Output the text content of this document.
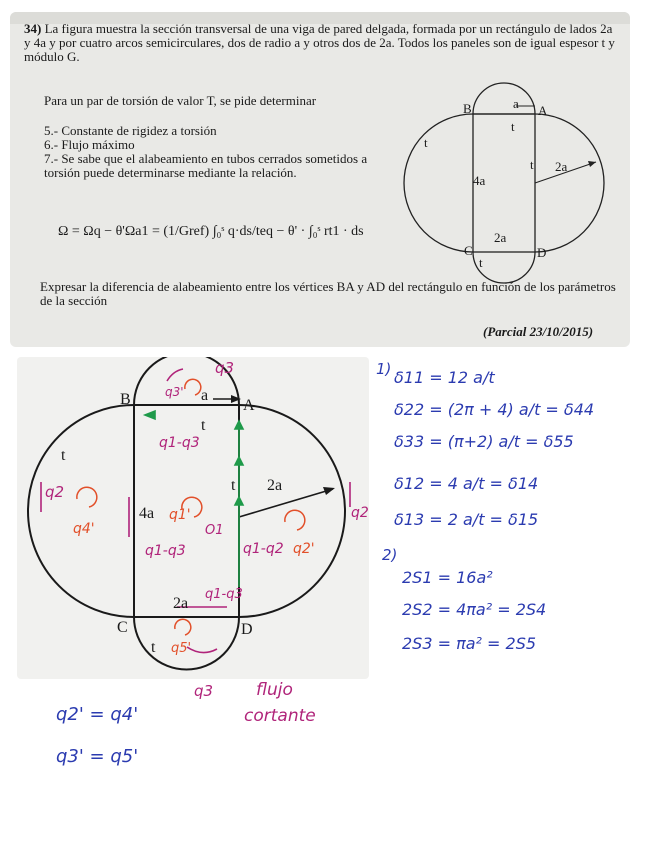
34) La figura muestra la sección transversal de una viga de pared delgada, formada por un rectángulo de lados 2a y 4a y por cuatro arcos semicirculares, dos de radio a y otros dos de 2a. Todos los paneles son de igual espesor t y módulo G.
Para un par de torsión de valor T, se pide determinar
5.- Constante de rigidez a torsión
6.- Flujo máximo
7.- Se sabe que el alabeamiento en tubos cerrados sometidos a torsión puede determinarse mediante la relación.
Ω = Ωq − θ'Ωa1 = (1/Gref) ∫₀ˢ q·ds/teq − θ' · ∫₀ˢ rt1 · ds
Expresar la diferencia de alabeamiento entre los vértices BA y AD del rectángulo en función de los parámetros de la sección
(Parcial 23/10/2015)
B	A
C	D
a
t
t
t
t
2a
4a
2a
B	A
C	D
a
t
t
t
t
2a
4a
2a
q3
q3'
q1-q3
q2
q4'
q1'
O1
q1-q3	q1-q2 q2'
q2
q1-q3
q5'
q3	flujo
cortante
1) δ11 = 12 a/t
δ22 = (2π + 4) a/t = δ44
δ33 = (π+2) a/t = δ55
δ12 = 4 a/t = δ14
δ13 = 2 a/t = δ15
2)
2S1 = 16a²
2S2 = 4πa² = 2S4
2S3 = πa² = 2S5
q2' = q4'
q3' = q5'
